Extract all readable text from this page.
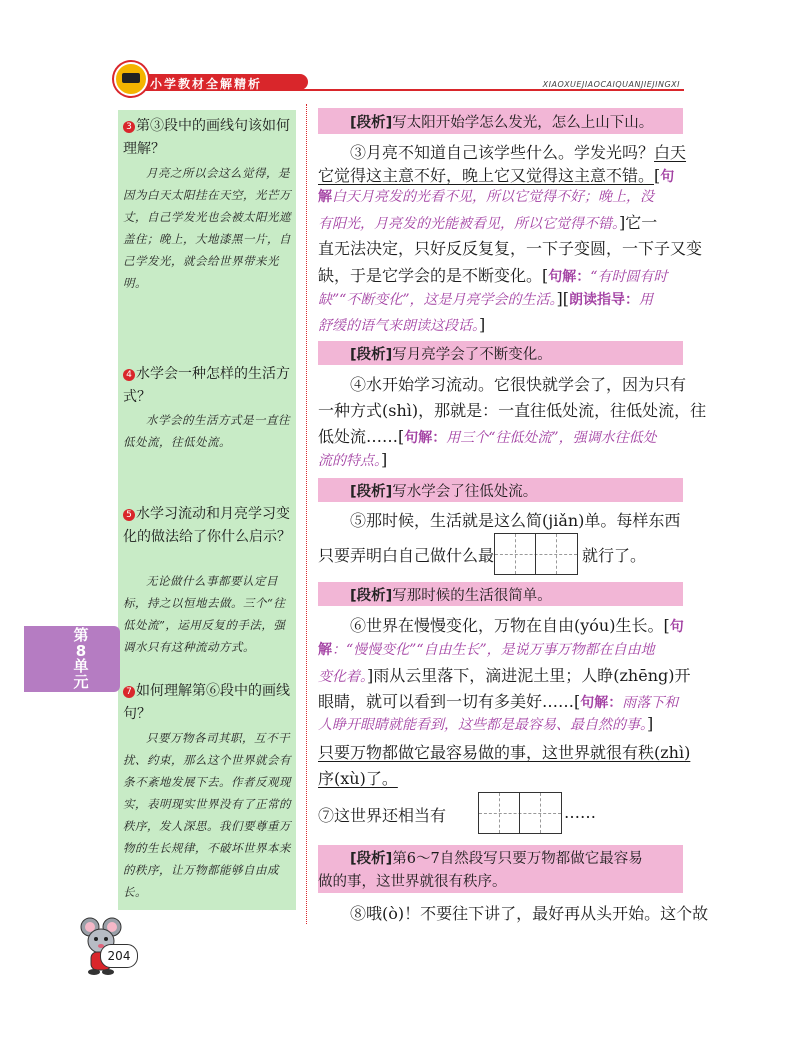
小学教材全解精析	XIAOXUEJIAOCAIQUANJIEJINGXI
3 第③段中的画线句该如何理解？
月亮之所以会这么觉得，是因为白天太阳挂在天空，光芒万丈，自己学发光也会被太阳光遮盖住；晚上，大地漆黑一片，自己学发光，就会给世界带来光明。
4 水学会一种怎样的生活方式？
水学会的生活方式是一直往低处流，往低处流。
5 水学习流动和月亮学习变化的做法给了你什么启示？
无论做什么事都要认定目标，持之以恒地去做。三个“往低处流”，运用反复的手法，强调水只有这种流动方式。
7 如何理解第⑥段中的画线句？
只要万物各司其职，互不干扰、约束，那么这个世界就会有条不紊地发展下去。作者反观现实，表明现实世界没有了正常的秩序，发人深思。我们要尊重万物的生长规律，不破坏世界本来的秩序，让万物都能够自由成长。
第8单元
204
[段析]写太阳开始学怎么发光，怎么上山下山。
③月亮不知道自己该学些什么。学发光吗？白天
它觉得这主意不好，晚上它又觉得这主意不错。[句
解白天月亮发的光看不见，所以它觉得不好；晚上，没
有阳光，月亮发的光能被看见，所以它觉得不错。]它一
直无法决定，只好反反复复，一下子变圆，一下子又变
缺，于是它学会的是不断变化。[句解：“有时圆有时
缺”“不断变化”，这是月亮学会的生活。][朗读指导：用
舒缓的语气来朗读这段话。]
[段析]写月亮学会了不断变化。
④水开始学习流动。它很快就学会了，因为只有
一种方式(shì)，那就是：一直往低处流，往低处流，往
低处流……[句解：用三个“往低处流”，强调水往低处
流的特点。]
[段析]写水学会了往低处流。
⑤那时候，生活就是这么简(jiǎn)单。每样东西
只要弄明白自己做什么最	就行了。
[段析]写那时候的生活很简单。
⑥世界在慢慢变化，万物在自由(yóu)生长。[句
解：“慢慢变化”“自由生长”，是说万事万物都在自由地
变化着。]雨从云里落下，滴进泥土里；人睁(zhēng)开
眼睛，就可以看到一切有多美好……[句解：雨落下和
人睁开眼睛就能看到，这些都是最容易、最自然的事。]
只要万物都做它最容易做的事，这世界就很有秩(zhì)
序(xù)了。
⑦这世界还相当有	……
[段析]第6～7自然段写只要万物都做它最容易
做的事，这世界就很有秩序。
⑧哦(ò)！不要往下讲了，最好再从头开始。这个故
